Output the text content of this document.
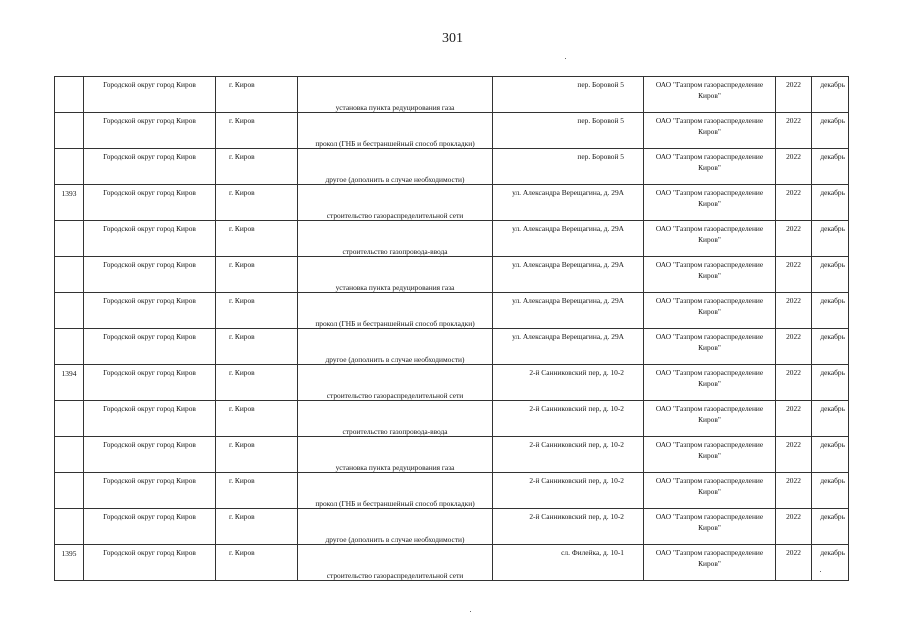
301

	Городской округ город Киров	г. Киров	установка пункта редуцирования газа	пер. Боровой 5	ОАО "Газпром газораспределение Киров"	2022	декабрь

	Городской округ город Киров	г. Киров	прокол (ГНБ и бестраншейный способ прокладки)	пер. Боровой 5	ОАО "Газпром газораспределение Киров"	2022	декабрь

	Городской округ город Киров	г. Киров	другое (дополнить в случае необходимости)	пер. Боровой 5	ОАО "Газпром газораспределение Киров"	2022	декабрь

1393	Городской округ город Киров	г. Киров	строительство газораспределительной сети	ул. Александра Верещагина, д. 29А	ОАО "Газпром газораспределение Киров"	2022	декабрь

	Городской округ город Киров	г. Киров	строительство газопровода-ввода	ул. Александра Верещагина, д. 29А	ОАО "Газпром газораспределение Киров"	2022	декабрь

	Городской округ город Киров	г. Киров	установка пункта редуцирования газа	ул. Александра Верещагина, д. 29А	ОАО "Газпром газораспределение Киров"	2022	декабрь

	Городской округ город Киров	г. Киров	прокол (ГНБ и бестраншейный способ прокладки)	ул. Александра Верещагина, д. 29А	ОАО "Газпром газораспределение Киров"	2022	декабрь

	Городской округ город Киров	г. Киров	другое (дополнить в случае необходимости)	ул. Александра Верещагина, д. 29А	ОАО "Газпром газораспределение Киров"	2022	декабрь

1394	Городской округ город Киров	г. Киров	строительство газораспределительной сети	2-й Санниковский пер, д. 10-2	ОАО "Газпром газораспределение Киров"	2022	декабрь

	Городской округ город Киров	г. Киров	строительство газопровода-ввода	2-й Санниковский пер, д. 10-2	ОАО "Газпром газораспределение Киров"	2022	декабрь

	Городской округ город Киров	г. Киров	установка пункта редуцирования газа	2-й Санниковский пер, д. 10-2	ОАО "Газпром газораспределение Киров"	2022	декабрь

	Городской округ город Киров	г. Киров	прокол (ГНБ и бестраншейный способ прокладки)	2-й Санниковский пер, д. 10-2	ОАО "Газпром газораспределение Киров"	2022	декабрь

	Городской округ город Киров	г. Киров	другое (дополнить в случае необходимости)	2-й Санниковский пер, д. 10-2	ОАО "Газпром газораспределение Киров"	2022	декабрь

1395	Городской округ город Киров	г. Киров	строительство газораспределительной сети	сл. Филейка, д. 10-1	ОАО "Газпром газораспределение Киров"	2022	декабрь
